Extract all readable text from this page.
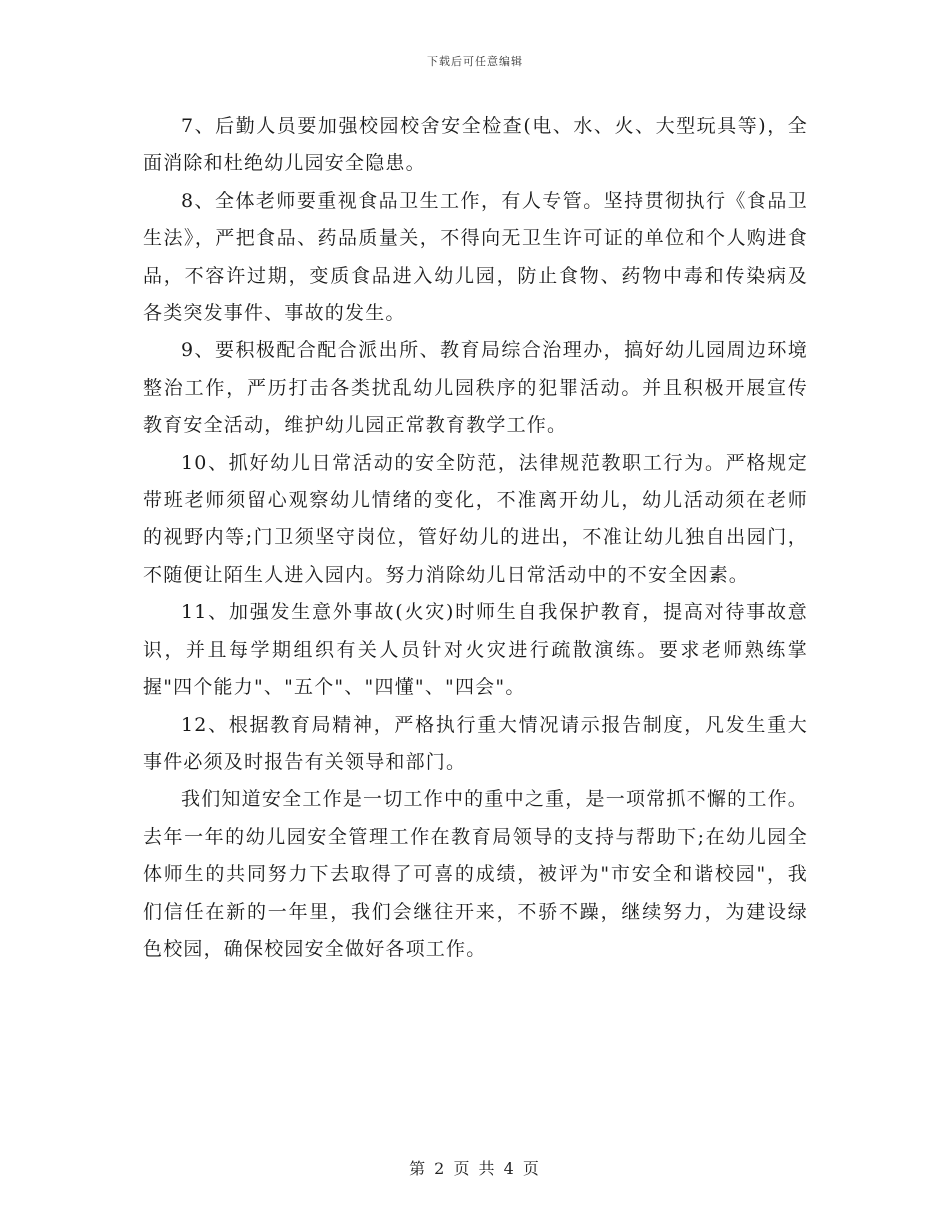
下载后可任意编辑

7、后勤人员要加强校园校舍安全检查(电、水、火、大型玩具等)，全面消除和杜绝幼儿园安全隐患。

8、全体老师要重视食品卫生工作，有人专管。坚持贯彻执行《食品卫生法》，严把食品、药品质量关，不得向无卫生许可证的单位和个人购进食品，不容许过期，变质食品进入幼儿园，防止食物、药物中毒和传染病及各类突发事件、事故的发生。

9、要积极配合配合派出所、教育局综合治理办，搞好幼儿园周边环境整治工作，严历打击各类扰乱幼儿园秩序的犯罪活动。并且积极开展宣传教育安全活动，维护幼儿园正常教育教学工作。

10、抓好幼儿日常活动的安全防范，法律规范教职工行为。严格规定带班老师须留心观察幼儿情绪的变化，不准离开幼儿，幼儿活动须在老师的视野内等;门卫须坚守岗位，管好幼儿的进出，不准让幼儿独自出园门，不随便让陌生人进入园内。努力消除幼儿日常活动中的不安全因素。

11、加强发生意外事故(火灾)时师生自我保护教育，提高对待事故意识，并且每学期组织有关人员针对火灾进行疏散演练。要求老师熟练掌握"四个能力"、"五个"、"四懂"、"四会"。

12、根据教育局精神，严格执行重大情况请示报告制度，凡发生重大事件必须及时报告有关领导和部门。

我们知道安全工作是一切工作中的重中之重，是一项常抓不懈的工作。去年一年的幼儿园安全管理工作在教育局领导的支持与帮助下;在幼儿园全体师生的共同努力下去取得了可喜的成绩，被评为"市安全和谐校园"，我们信任在新的一年里，我们会继往开来，不骄不躁，继续努力，为建设绿色校园，确保校园安全做好各项工作。

第 2 页 共 4 页
